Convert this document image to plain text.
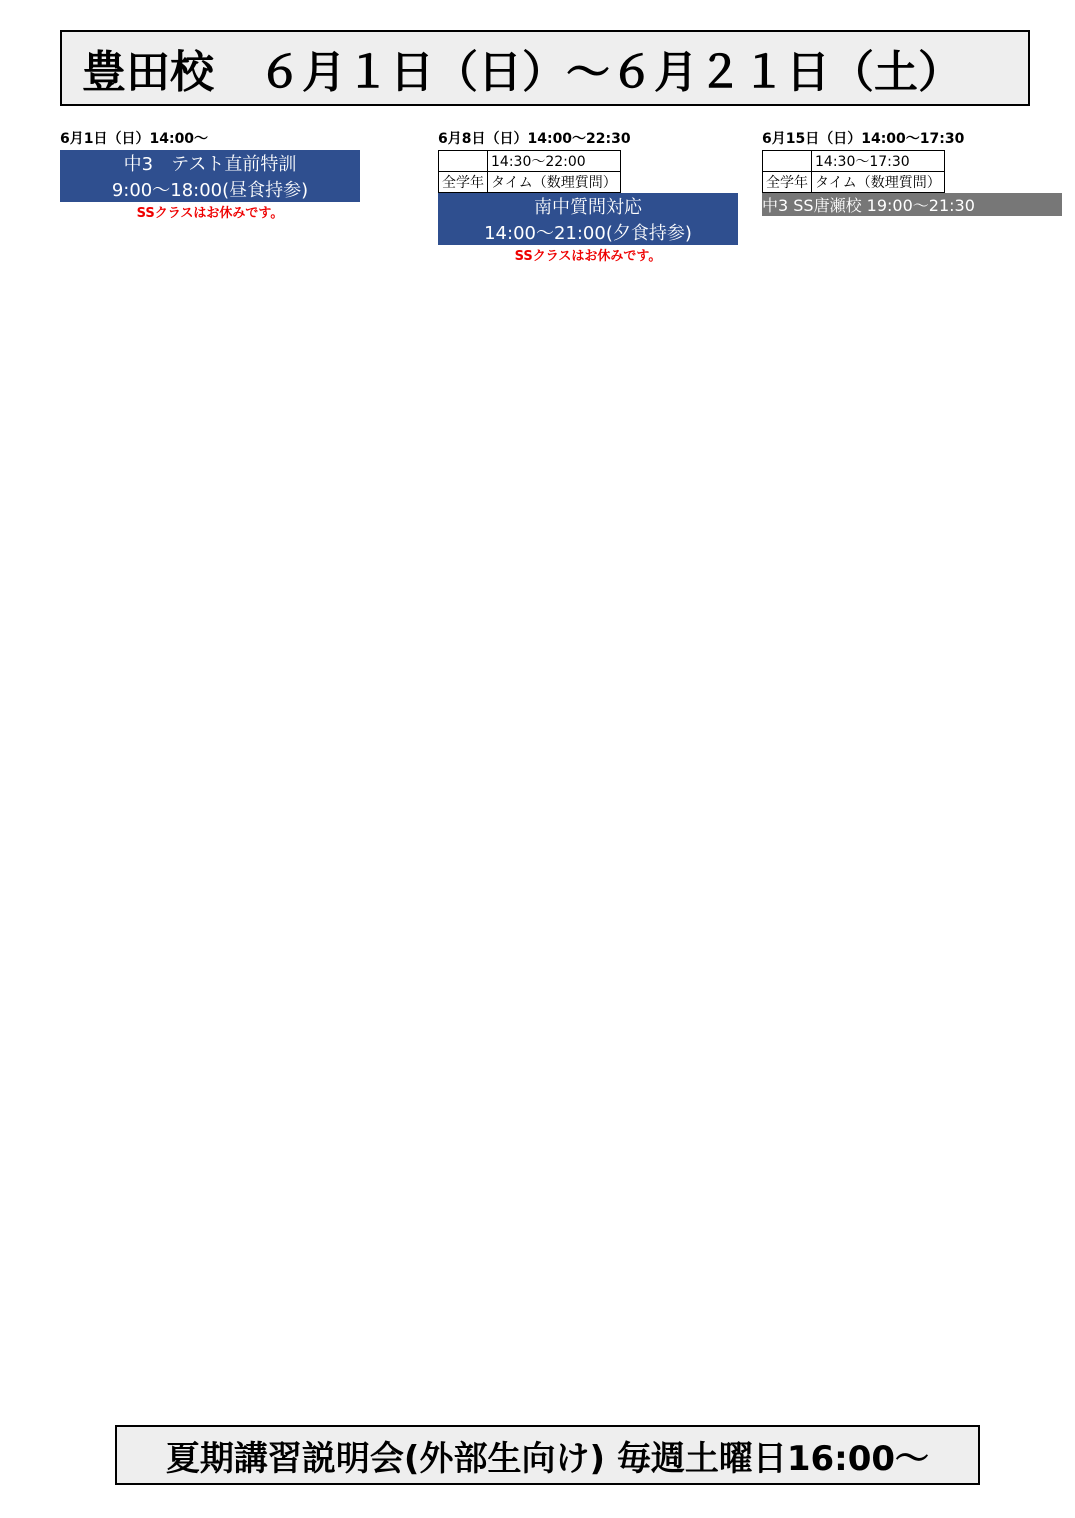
豊田校　６月１日（日）～６月２１日（土）
6月1日（日）14:00～
中3　テスト直前特訓
9:00～18:00(昼食持参)
SSクラスはお休みです。
6月8日（日）14:00～22:30
	14:30～22:00
全学年	タイム（数理質問）
南中質問対応
14:00～21:00(夕食持参)
SSクラスはお休みです。
6月15日（日）14:00～17:30
	14:30～17:30
全学年	タイム（数理質問）
中3 SS唐瀬校 19:00～21:30
夏期講習説明会(外部生向け) 毎週土曜日16:00～
